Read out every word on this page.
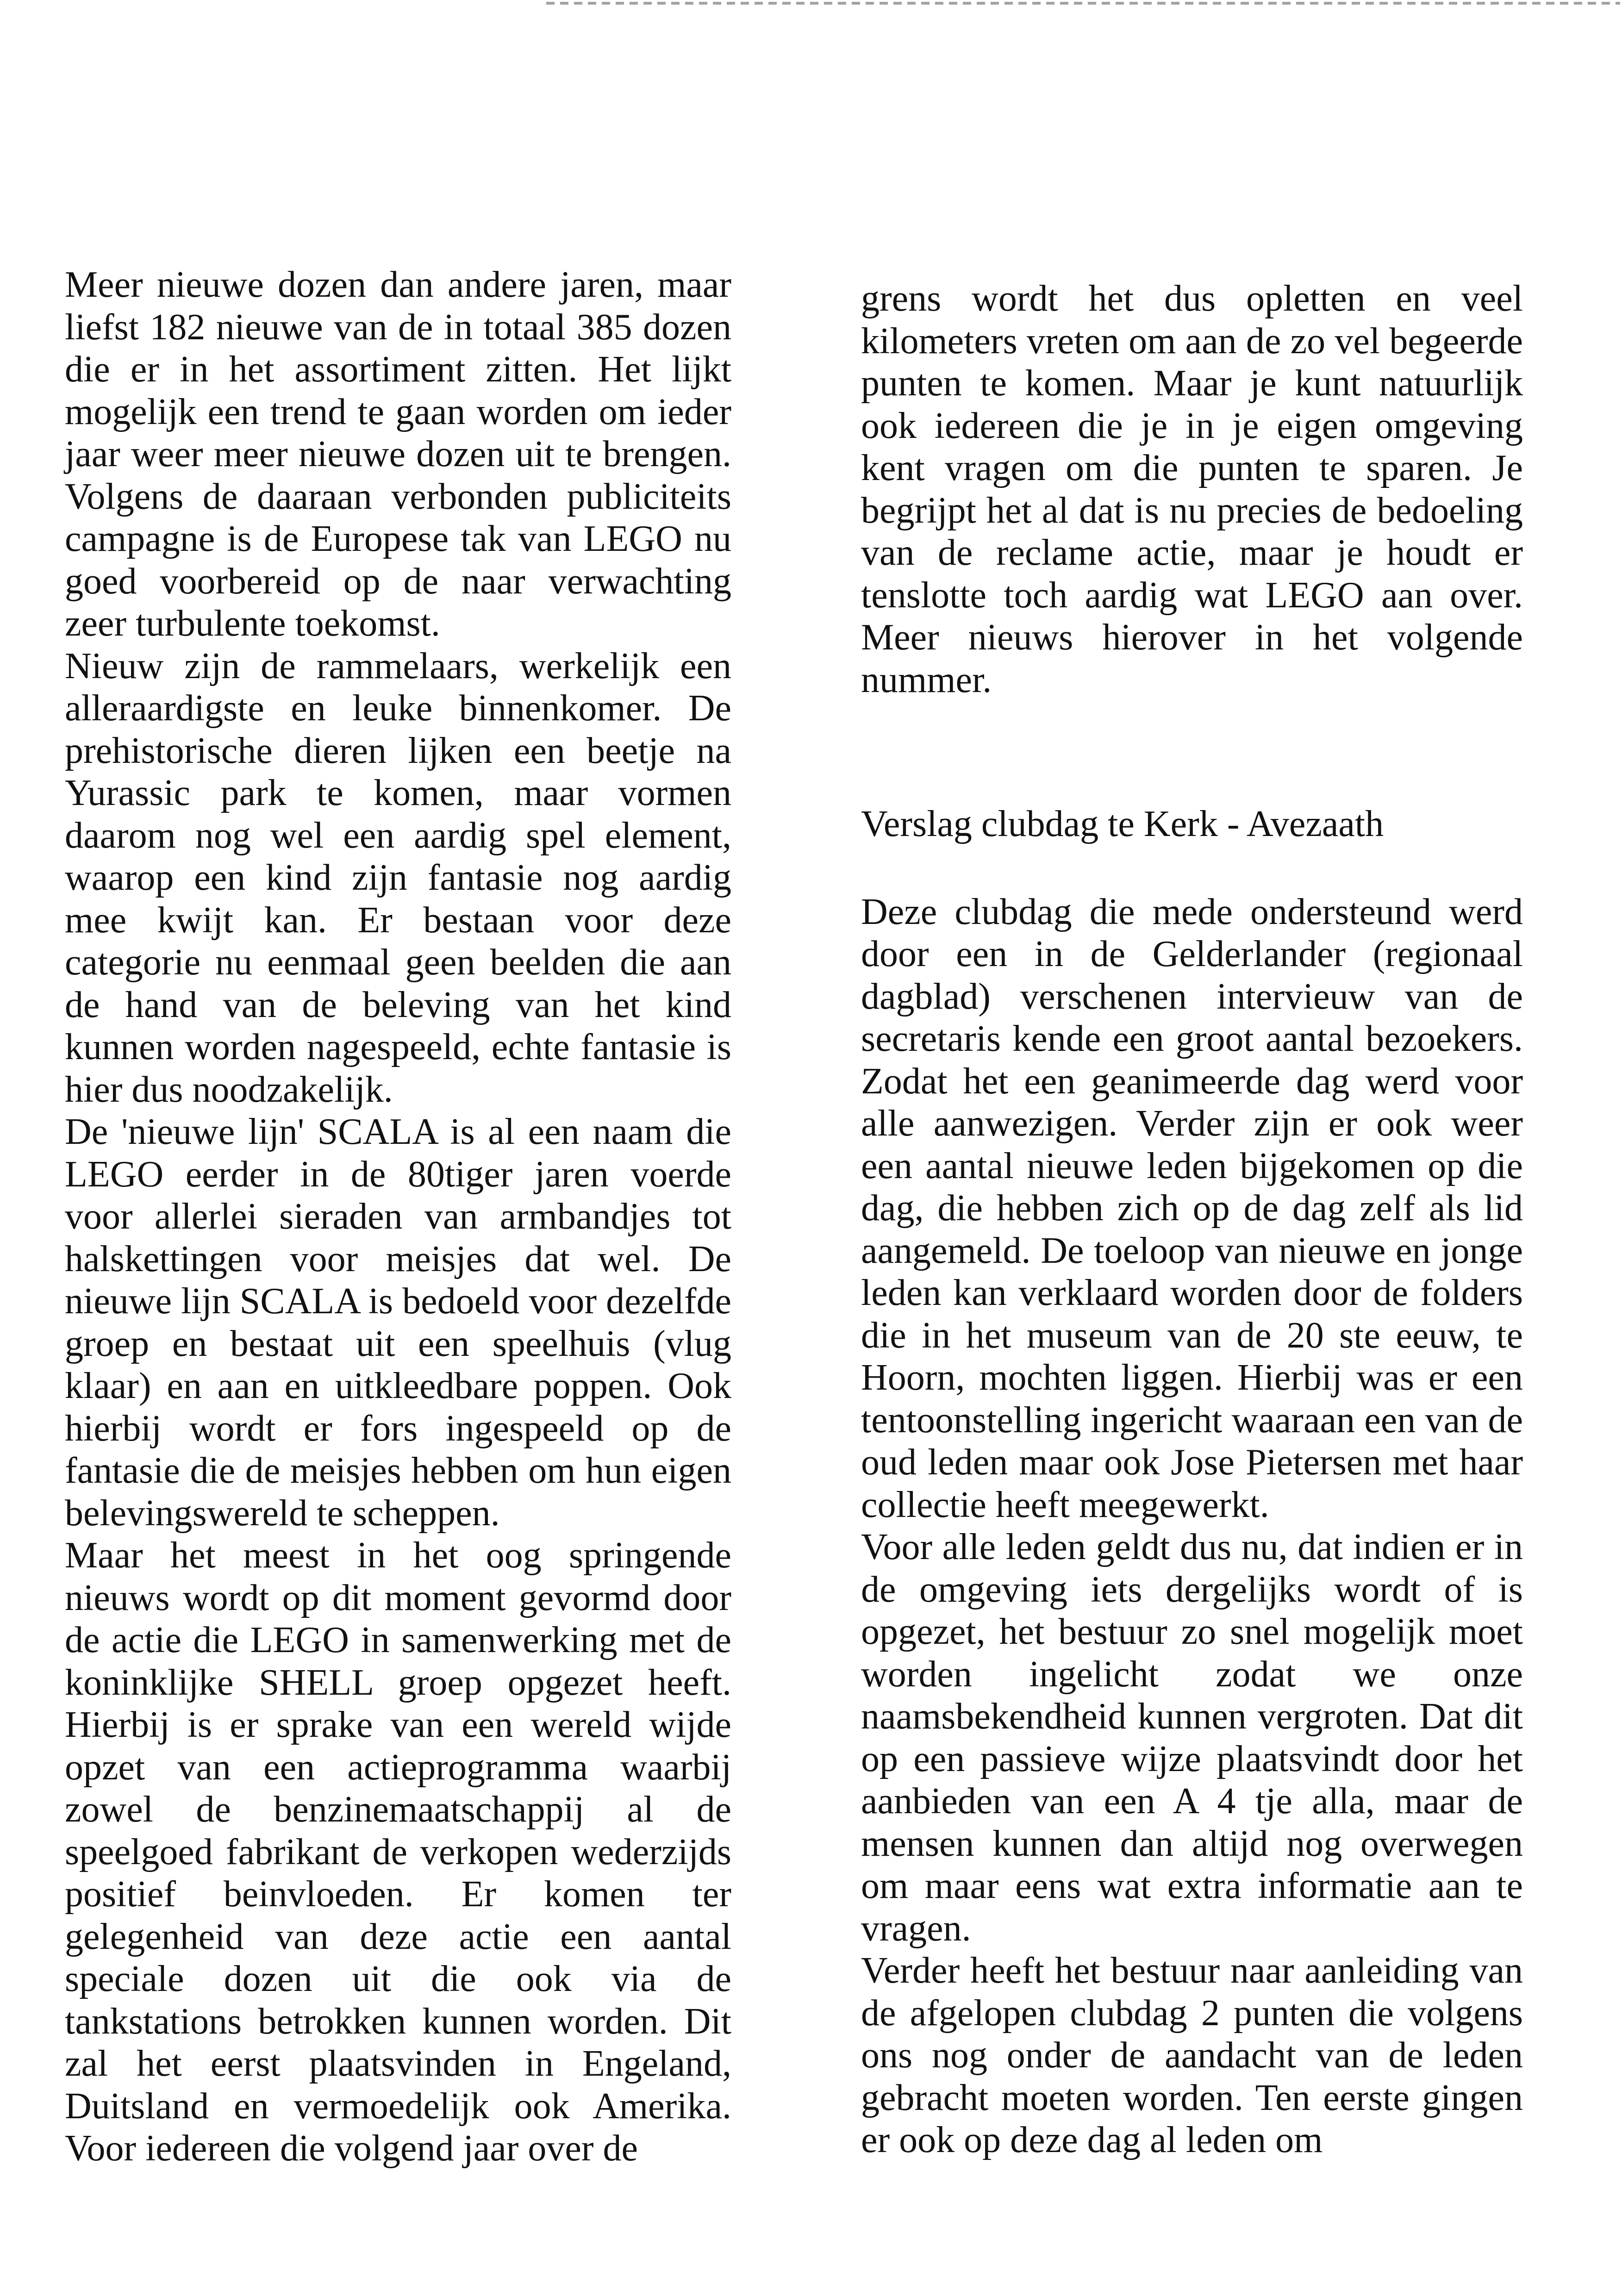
Meer nieuwe dozen dan andere jaren, maar liefst 182 nieuwe van de in totaal 385 dozen die er in het assortiment zitten. Het lijkt mogelijk een trend te gaan worden om ieder jaar weer meer nieuwe dozen uit te brengen. Volgens de daaraan verbonden publiciteits campagne is de Europese tak van LEGO nu goed voorbereid op de naar verwachting zeer turbulente toekomst.

Nieuw zijn de rammelaars, werkelijk een alleraardigste en leuke binnenkomer. De prehistorische dieren lijken een beetje na Yurassic park te komen, maar vormen daarom nog wel een aardig spel element, waarop een kind zijn fantasie nog aardig mee kwijt kan. Er bestaan voor deze categorie nu eenmaal geen beelden die aan de hand van de beleving van het kind kunnen worden nagespeeld, echte fantasie is hier dus noodzakelijk.

De 'nieuwe lijn' SCALA is al een naam die LEGO eerder in de 80tiger jaren voerde voor allerlei sieraden van armbandjes tot halskettingen voor meisjes dat wel. De nieuwe lijn SCALA is bedoeld voor dezelfde groep en bestaat uit een speelhuis (vlug klaar) en aan en uitkleedbare poppen. Ook hierbij wordt er fors ingespeeld op de fantasie die de meisjes hebben om hun eigen belevingswereld te scheppen.

Maar het meest in het oog springende nieuws wordt op dit moment gevormd door de actie die LEGO in samenwerking met de koninklijke SHELL groep opgezet heeft. Hierbij is er sprake van een wereld wijde opzet van een actieprogramma waarbij zowel de benzinemaatschappij al de speelgoed fabrikant de verkopen wederzijds positief beinvloeden. Er komen ter gelegenheid van deze actie een aantal speciale dozen uit die ook via de tankstations betrokken kunnen worden. Dit zal het eerst plaatsvinden in Engeland, Duitsland en vermoedelijk ook Amerika. Voor iedereen die volgend jaar over de

grens wordt het dus opletten en veel kilometers vreten om aan de zo vel begeerde punten te komen. Maar je kunt natuurlijk ook iedereen die je in je eigen omgeving kent vragen om die punten te sparen. Je begrijpt het al dat is nu precies de bedoeling van de reclame actie, maar je houdt er tenslotte toch aardig wat LEGO aan over. Meer nieuws hierover in het volgende nummer.

Verslag clubdag te Kerk - Avezaath

Deze clubdag die mede ondersteund werd door een in de Gelderlander (regionaal dagblad) verschenen intervieuw van de secretaris kende een groot aantal bezoekers. Zodat het een geanimeerde dag werd voor alle aanwezigen. Verder zijn er ook weer een aantal nieuwe leden bijgekomen op die dag, die hebben zich op de dag zelf als lid aangemeld. De toeloop van nieuwe en jonge leden kan verklaard worden door de folders die in het museum van de 20 ste eeuw, te Hoorn, mochten liggen. Hierbij was er een tentoonstelling ingericht waaraan een van de oud leden maar ook Jose Pietersen met haar collectie heeft meegewerkt.

Voor alle leden geldt dus nu, dat indien er in de omgeving iets dergelijks wordt of is opgezet, het bestuur zo snel mogelijk moet worden ingelicht zodat we onze naamsbekendheid kunnen vergroten. Dat dit op een passieve wijze plaatsvindt door het aanbieden van een A 4 tje alla, maar de mensen kunnen dan altijd nog overwegen om maar eens wat extra informatie aan te vragen.

Verder heeft het bestuur naar aanleiding van de afgelopen clubdag 2 punten die volgens ons nog onder de aandacht van de leden gebracht moeten worden. Ten eerste gingen er ook op deze dag al leden om
